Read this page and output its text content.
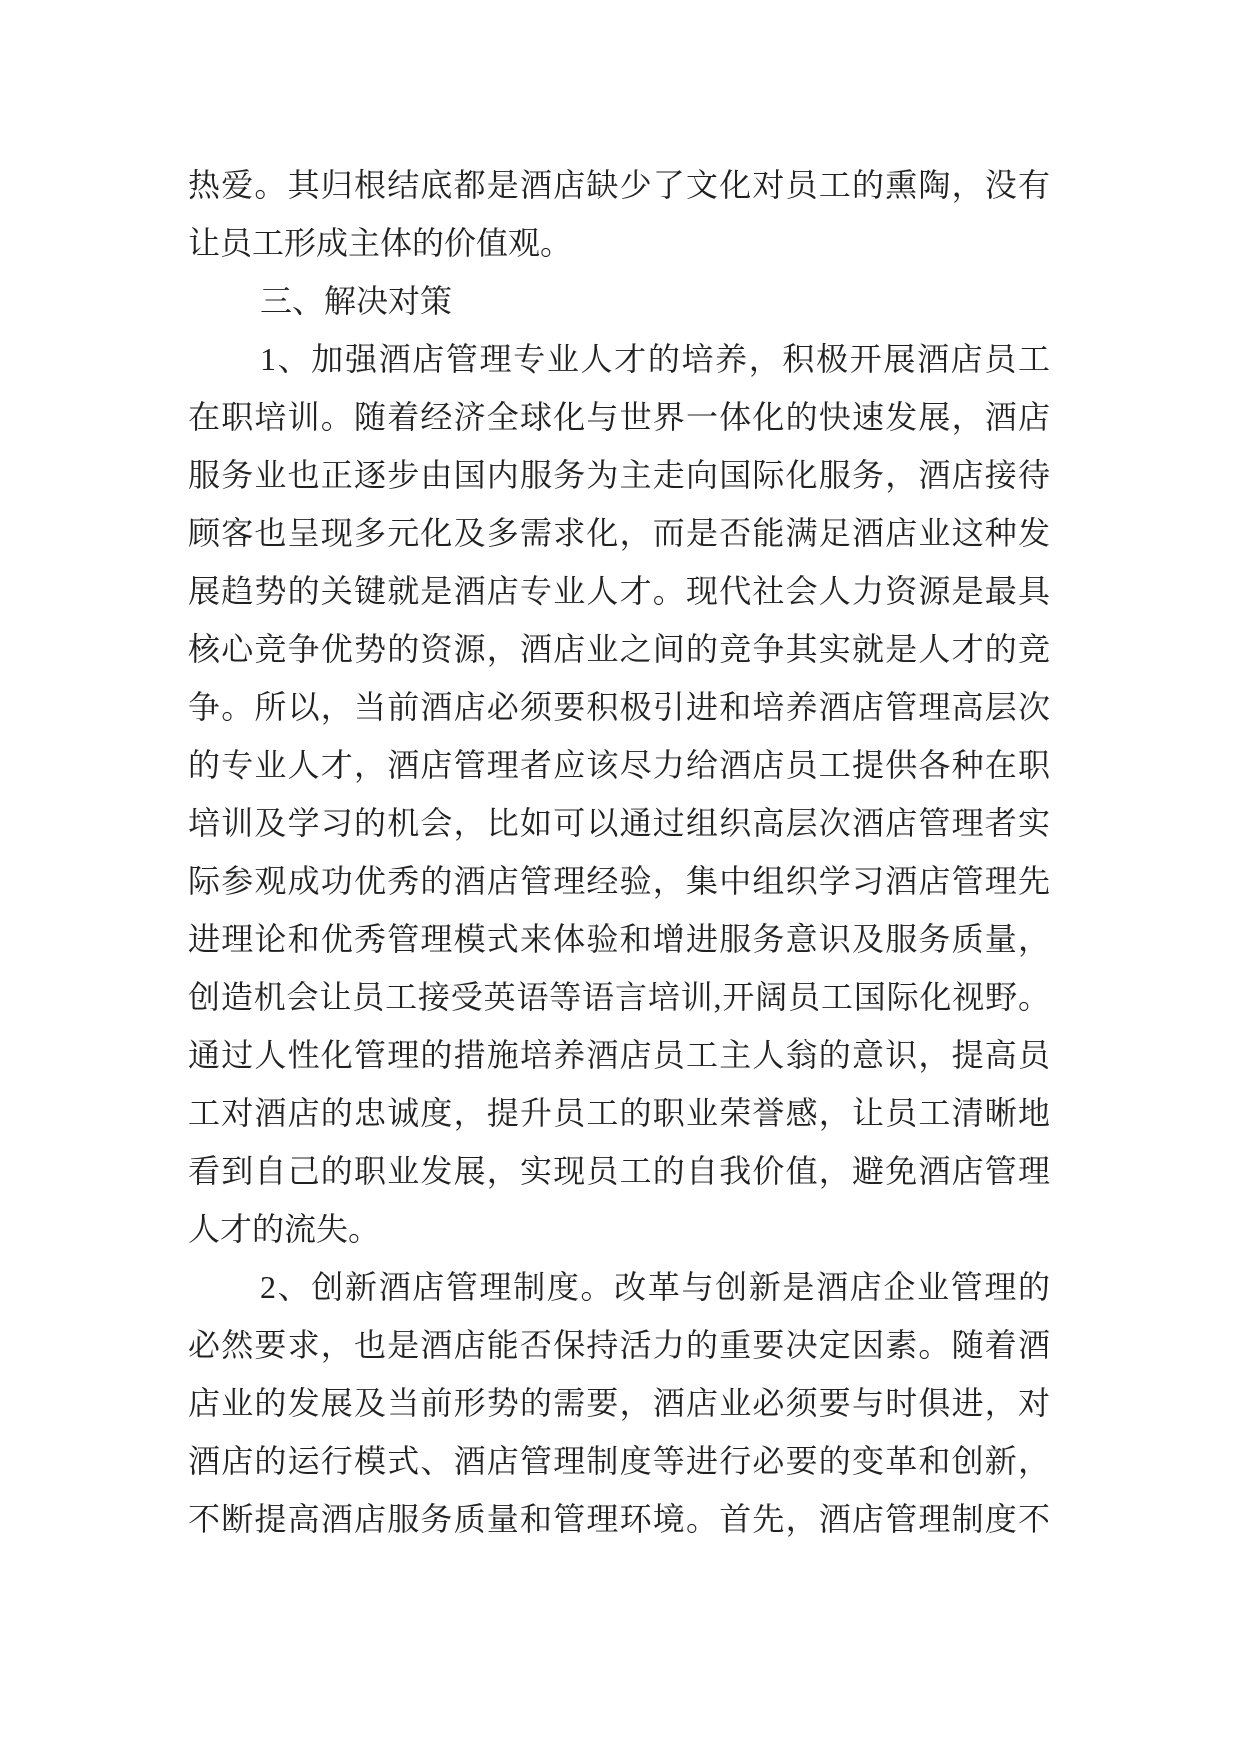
热爱。其归根结底都是酒店缺少了文化对员工的熏陶，没有
让员工形成主体的价值观。
三、解决对策
1、加强酒店管理专业人才的培养，积极开展酒店员工
在职培训。随着经济全球化与世界一体化的快速发展，酒店
服务业也正逐步由国内服务为主走向国际化服务，酒店接待
顾客也呈现多元化及多需求化，而是否能满足酒店业这种发
展趋势的关键就是酒店专业人才。现代社会人力资源是最具
核心竞争优势的资源，酒店业之间的竞争其实就是人才的竞
争。所以，当前酒店必须要积极引进和培养酒店管理高层次
的专业人才，酒店管理者应该尽力给酒店员工提供各种在职
培训及学习的机会，比如可以通过组织高层次酒店管理者实
际参观成功优秀的酒店管理经验，集中组织学习酒店管理先
进理论和优秀管理模式来体验和增进服务意识及服务质量，
创造机会让员工接受英语等语言培训,开阔员工国际化视野。
通过人性化管理的措施培养酒店员工主人翁的意识，提高员
工对酒店的忠诚度，提升员工的职业荣誉感，让员工清晰地
看到自己的职业发展，实现员工的自我价值，避免酒店管理
人才的流失。
2、创新酒店管理制度。改革与创新是酒店企业管理的
必然要求，也是酒店能否保持活力的重要决定因素。随着酒
店业的发展及当前形势的需要，酒店业必须要与时俱进，对
酒店的运行模式、酒店管理制度等进行必要的变革和创新，
不断提高酒店服务质量和管理环境。首先，酒店管理制度不
